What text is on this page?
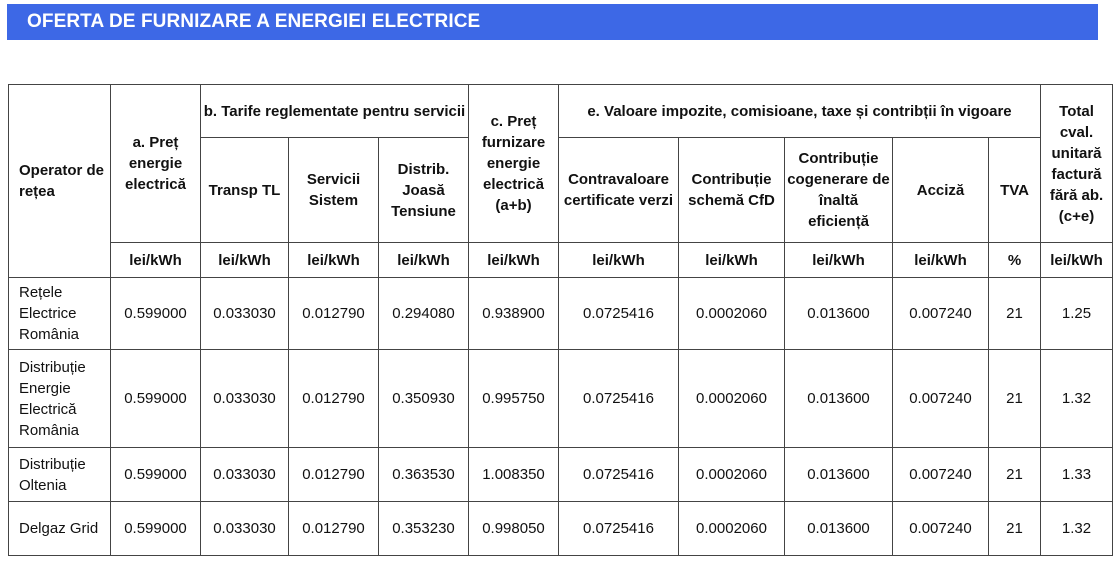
OFERTA DE FURNIZARE A ENERGIEI ELECTRICE
Operator de rețea	a. Preț energie electrică	b. Tarife reglementate pentru servicii			c. Preț furnizare energie electrică (a+b)	e. Valoare impozite, comisioane, taxe și contribții în vigoare					Total cval. unitară factură fără ab. (c+e)
		Transp TL	Servicii Sistem	Distrib. Joasă Tensiune		Contravaloare certificate verzi	Contribuție schemă CfD	Contribuție cogenerare de înaltă eficiență	Acciză	TVA	
	lei/kWh	lei/kWh	lei/kWh	lei/kWh	lei/kWh	lei/kWh	lei/kWh	lei/kWh	lei/kWh	%	lei/kWh
Rețele Electrice România	0.599000	0.033030	0.012790	0.294080	0.938900	0.0725416	0.0002060	0.013600	0.007240	21	1.25
Distribuție Energie Electrică România	0.599000	0.033030	0.012790	0.350930	0.995750	0.0725416	0.0002060	0.013600	0.007240	21	1.32
Distribuție Oltenia	0.599000	0.033030	0.012790	0.363530	1.008350	0.0725416	0.0002060	0.013600	0.007240	21	1.33
Delgaz Grid	0.599000	0.033030	0.012790	0.353230	0.998050	0.0725416	0.0002060	0.013600	0.007240	21	1.32
